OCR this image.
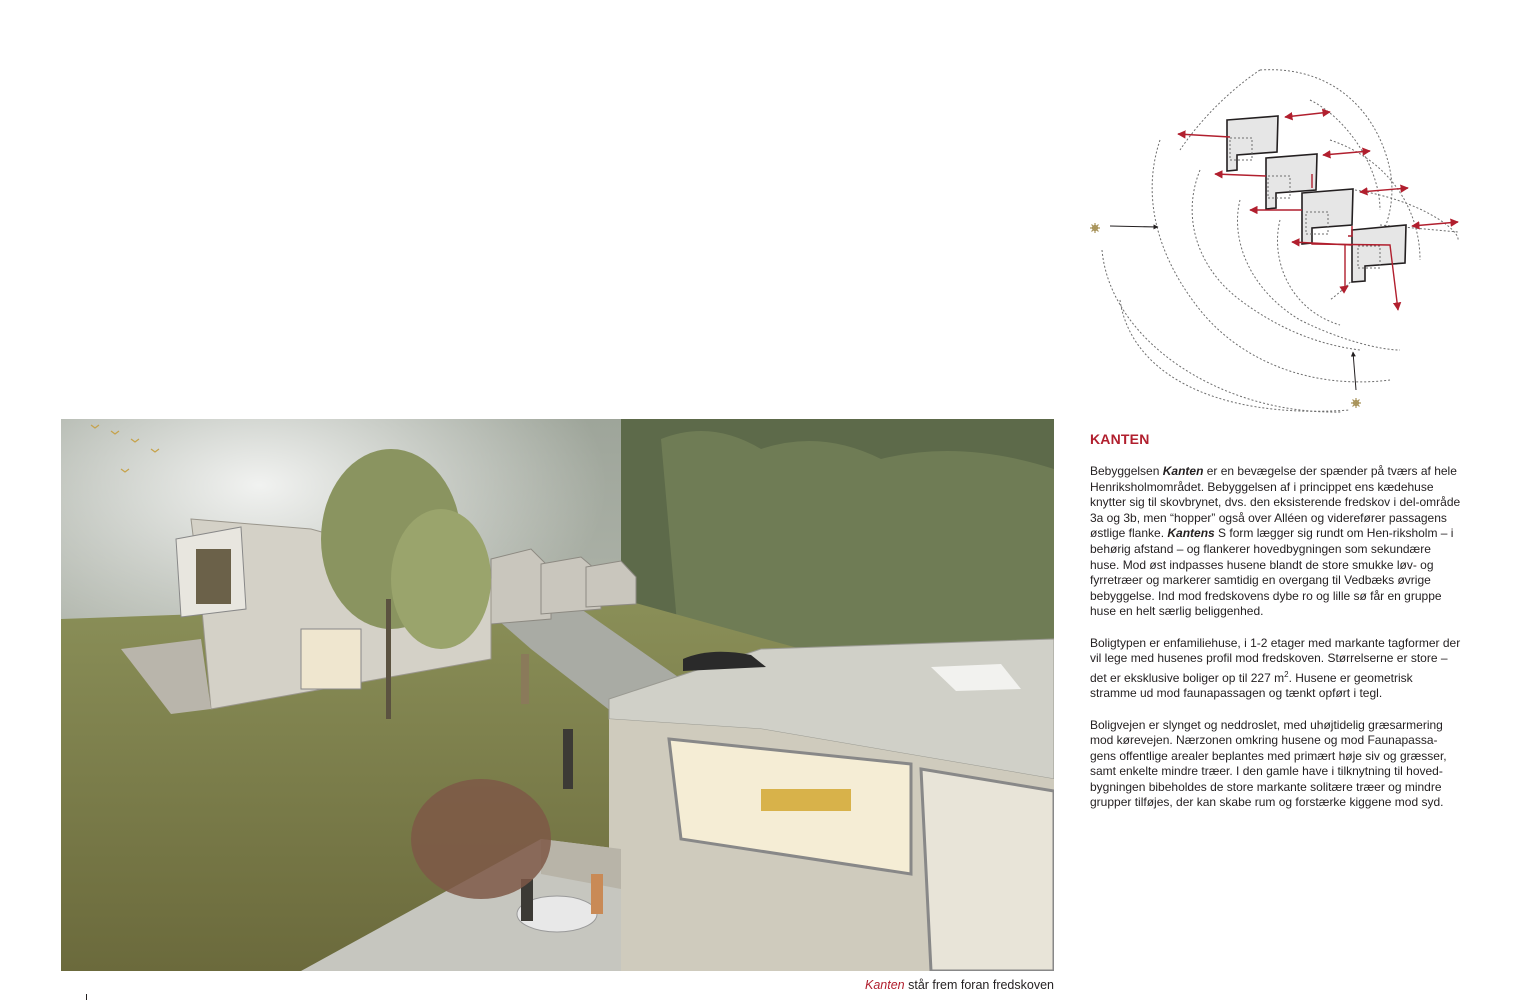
Kanten står frem foran fredskoven
KANTEN

Bebyggelsen Kanten er en bevægelse der spænder på tværs af hele Henriksholmområdet. Bebyggelsen af i princippet ens kædehuse knytter sig til skovbrynet, dvs. den eksisterende fredskov i del-område 3a og 3b, men “hopper” også over Alléen og viderefører passagens østlige flanke. Kantens S form lægger sig rundt om Hen-riksholm – i behørig afstand – og flankerer hovedbygningen som sekundære huse. Mod øst indpasses husene blandt de store smukke løv- og fyrretræer og markerer samtidig en overgang til Vedbæks øvrige bebyggelse. Ind mod fredskovens dybe ro og lille sø får en gruppe huse en helt særlig beliggenhed.

Boligtypen er enfamiliehuse, i 1-2 etager med markante tagformer der vil lege med husenes profil mod fredskoven. Størrelserne er store – det er eksklusive boliger op til 227 $m^2$. Husene er geometrisk stramme ud mod faunapassagen og tænkt opført i tegl.

Boligvejen er slynget og neddroslet, med uhøjtidelig græsarmering mod kørevejen. Nærzonen omkring husene og mod Faunapassa-gens offentlige arealer beplantes med primært høje siv og græsser, samt enkelte mindre træer. I den gamle have i tilknytning til hoved-bygningen bibeholdes de store markante solitære træer og mindre grupper tilføjes, der kan skabe rum og forstærke kiggene mod syd.
